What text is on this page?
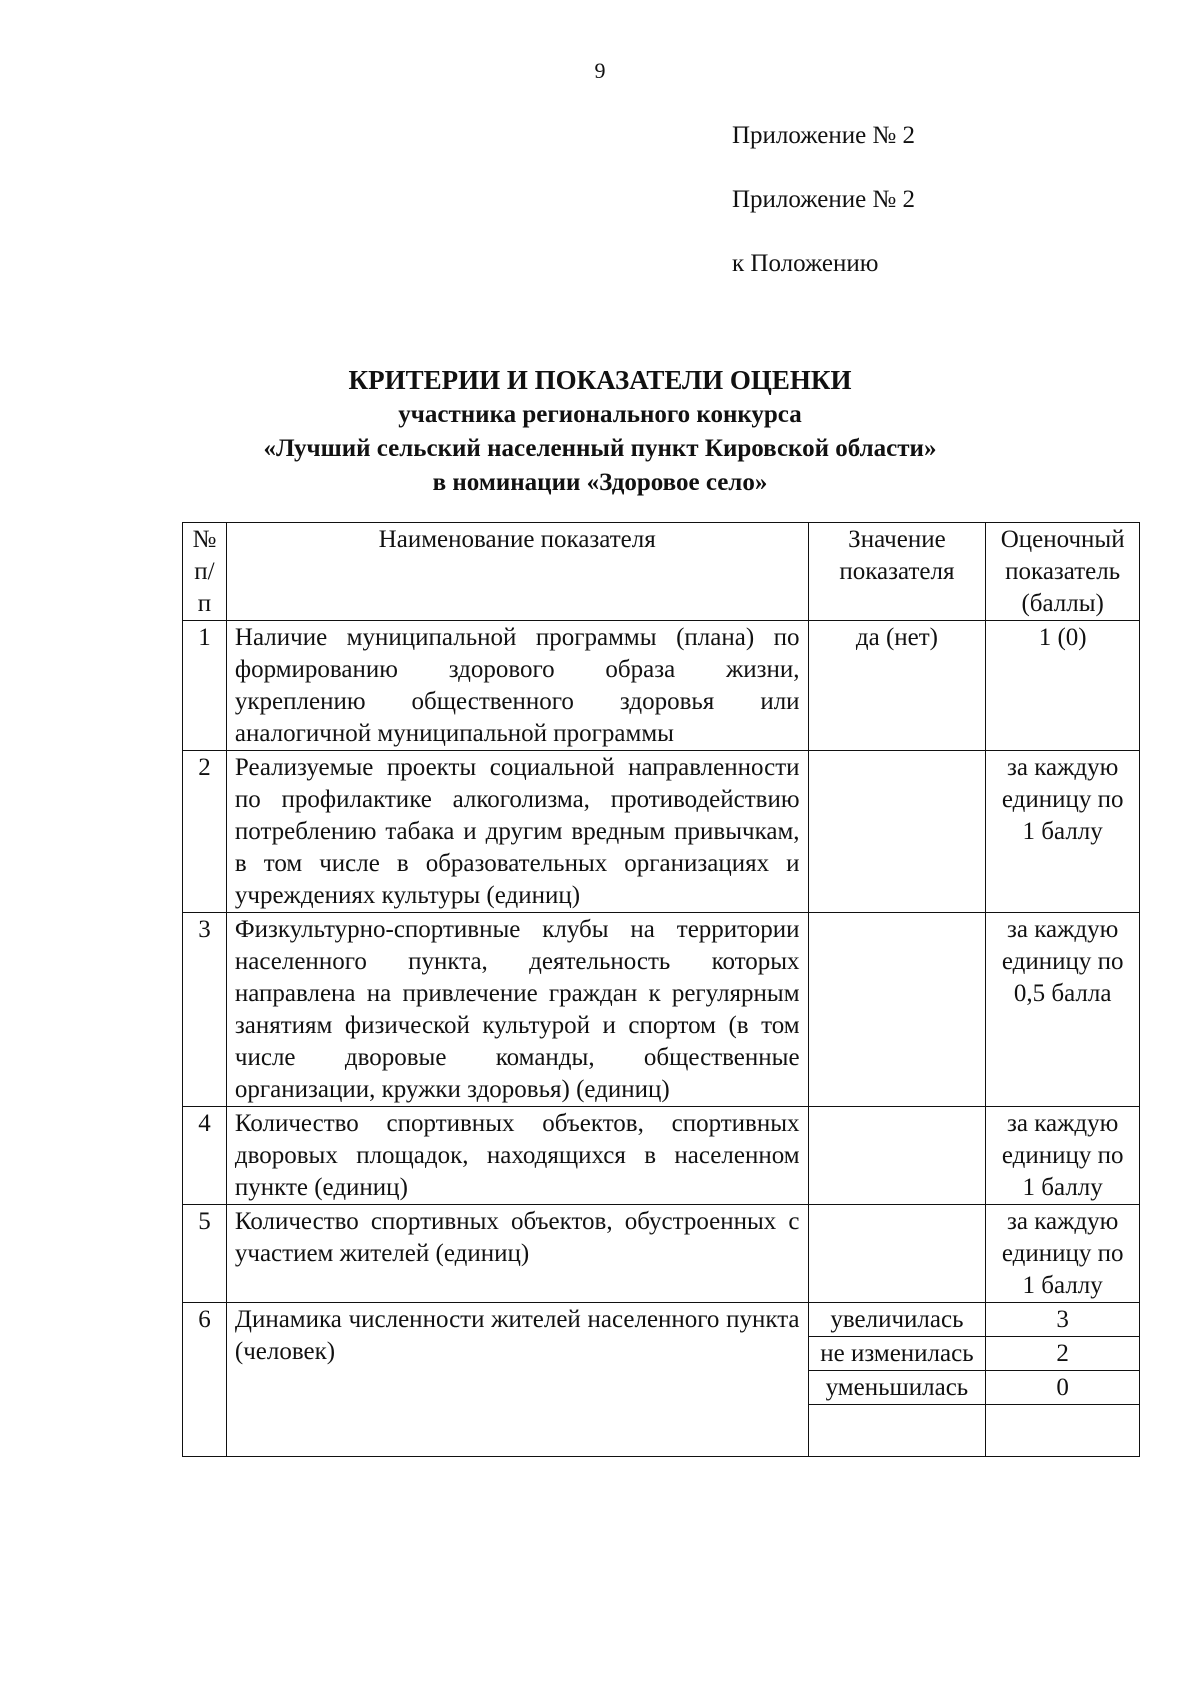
9
Приложение № 2
Приложение № 2
к Положению
КРИТЕРИИ И ПОКАЗАТЕЛИ ОЦЕНКИ
участника регионального конкурса
«Лучший сельский населенный пункт Кировской области»
в номинации «Здоровое село»
№ п/п	Наименование показателя	Значение показателя	Оценочный показатель (баллы)
1	Наличие муниципальной программы (плана) по формированию здорового образа жизни, укреплению общественного здоровья или аналогичной муниципальной программы	да (нет)	1 (0)
2	Реализуемые проекты социальной направленности по профилактике алкоголизма, противодействию потреблению табака и другим вредным привычкам, в том числе в образовательных организациях и учреждениях культуры (единиц)		за каждую единицу по 1 баллу
3	Физкультурно-спортивные клубы на территории населенного пункта, деятельность которых направлена на привлечение граждан к регулярным занятиям физической культурой и спортом (в том числе дворовые команды, общественные организации, кружки здоровья) (единиц)		за каждую единицу по 0,5 балла
4	Количество спортивных объектов, спортивных дворовых площадок, находящихся в населенном пункте (единиц)		за каждую единицу по 1 баллу
5	Количество спортивных объектов, обустроенных с участием жителей (единиц)		за каждую единицу по 1 баллу
6	Динамика численности жителей населенного пункта (человек)	увеличилась	3
		не изменилась	2
		уменьшилась	0
